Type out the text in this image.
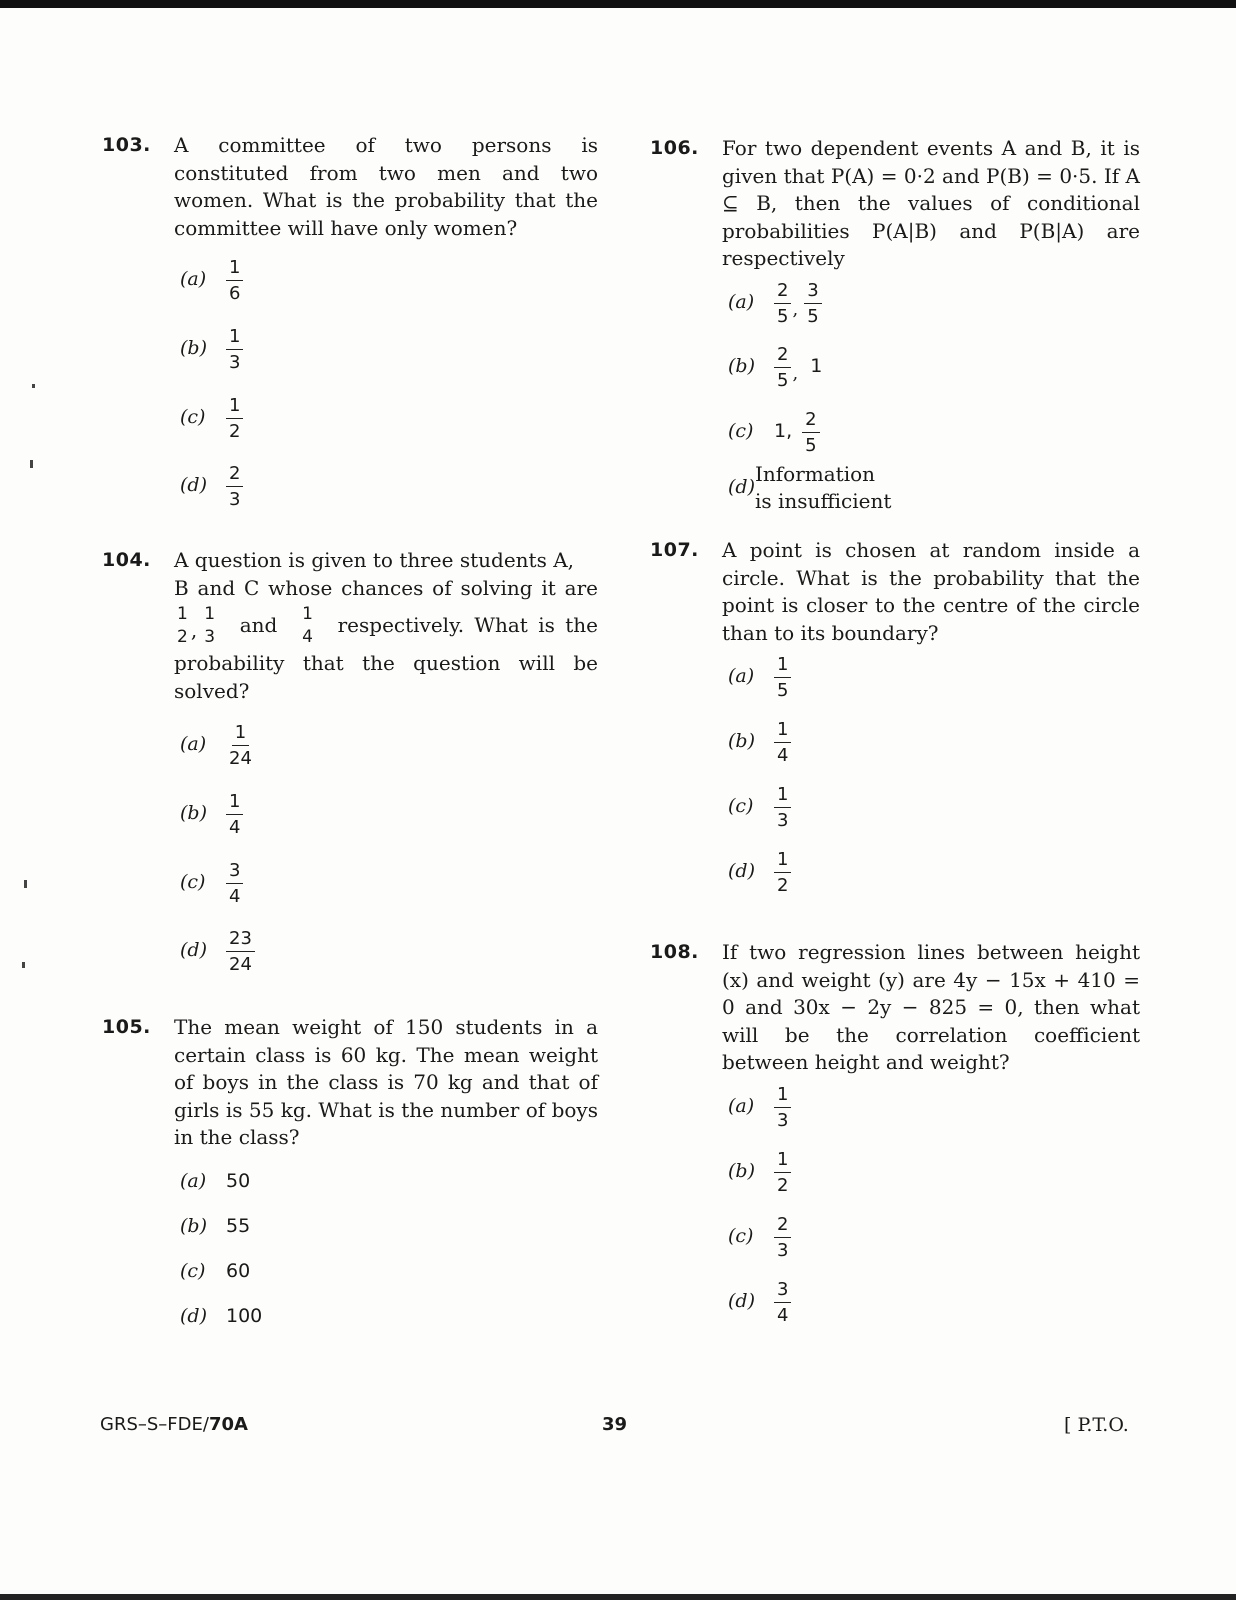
103. A committee of two persons is constituted from two men and two women. What is the probability that the committee will have only women?
(a)	$\frac{1}{6}$
(b)	$\frac{1}{3}$
(c)	$\frac{1}{2}$
(d)	$\frac{2}{3}$
104. A question is given to three students A,
B and C whose chances of solving it are
1
2 ,
1
3 and 1
4 respectively. What is the
probability that the question will be solved?
(a)	$\frac{1}{24}$
(b)	$\frac{1}{4}$
(c)	$\frac{3}{4}$
(d)	$\frac{23}{24}$
105. The mean weight of 150 students in a certain class is 60 kg. The mean weight of boys in the class is 70 kg and that of girls is 55 kg. What is the number of boys in the class?
(a)	50
(b)	55
(c)	60
(d)	100
106. For two dependent events A and B, it is given that P(A) = 0·2 and P(B) = 0·5. If A ⊆ B, then the values of conditional probabilities P(A|B) and P(B|A) are respectively
(a)	$\frac{2}{5}$ , $\frac{3}{5}$
(b)	$\frac{2}{5}$ , 1
(c)	1, $\frac{2}{5}$
(d)
Information is insufficient
107. A point is chosen at random inside a circle. What is the probability that the point is closer to the centre of the circle than to its boundary?
(a)	$\frac{1}{5}$
(b)	$\frac{1}{4}$
(c)	$\frac{1}{3}$
(d)	$\frac{1}{2}$
108. If two regression lines between height (x) and weight (y) are 4y − 15x + 410 = 0 and 30x − 2y − 825 = 0, then what will be the correlation coefficient between height and weight?
(a)	$\frac{1}{3}$
(b)	$\frac{1}{2}$
(c)	$\frac{2}{3}$
(d)	$\frac{3}{4}$
GRS–S–FDE/70A	39	[ P.T.O.
